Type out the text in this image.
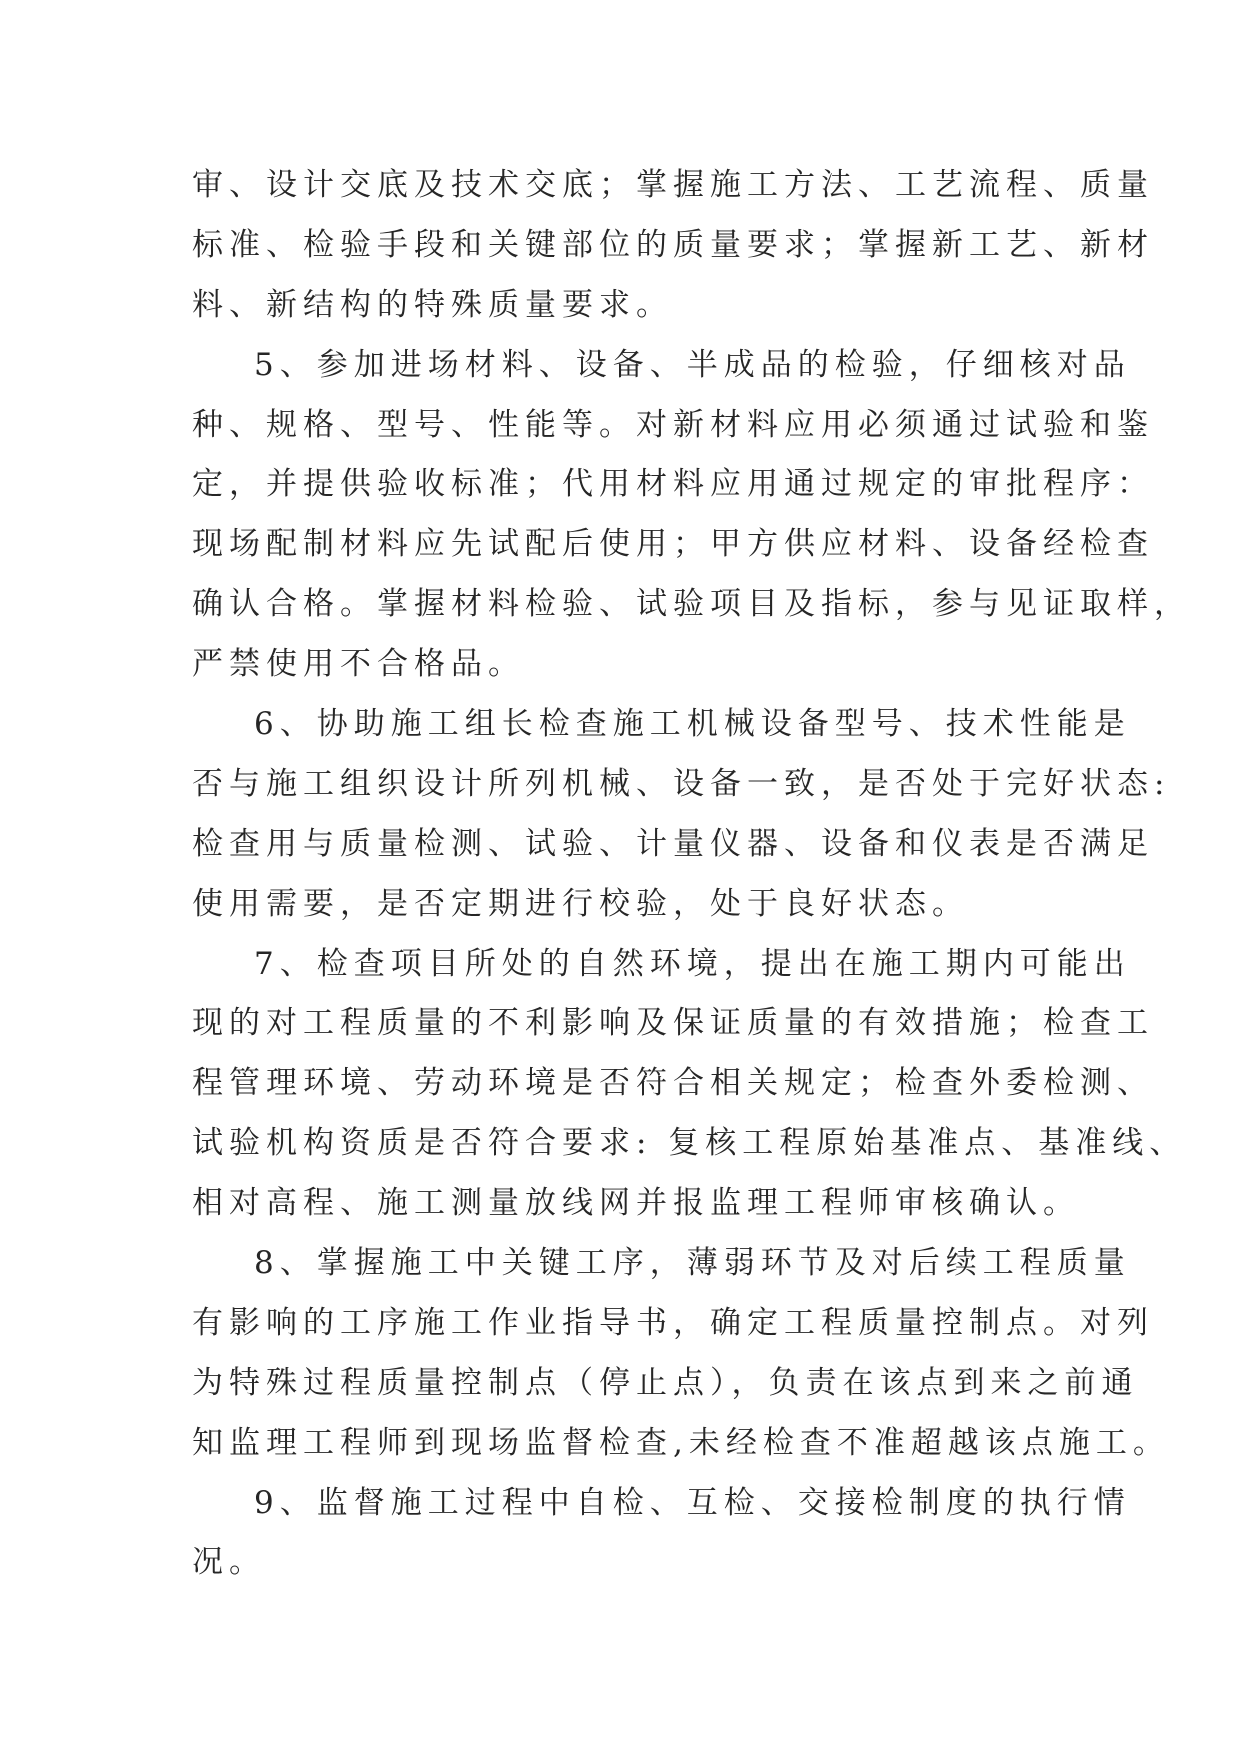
审、设计交底及技术交底；掌握施工方法、工艺流程、质量
标准、检验手段和关键部位的质量要求；掌握新工艺、新材
料、新结构的特殊质量要求。
5、参加进场材料、设备、半成品的检验，仔细核对品
种、规格、型号、性能等。对新材料应用必须通过试验和鉴
定，并提供验收标准；代用材料应用通过规定的审批程序：
现场配制材料应先试配后使用；甲方供应材料、设备经检查
确认合格。掌握材料检验、试验项目及指标，参与见证取样，
严禁使用不合格品。
6、协助施工组长检查施工机械设备型号、技术性能是
否与施工组织设计所列机械、设备一致，是否处于完好状态:
检查用与质量检测、试验、计量仪器、设备和仪表是否满足
使用需要，是否定期进行校验，处于良好状态。
7、检查项目所处的自然环境，提出在施工期内可能出
现的对工程质量的不利影响及保证质量的有效措施；检查工
程管理环境、劳动环境是否符合相关规定；检查外委检测、
试验机构资质是否符合要求: 复核工程原始基准点、基准线、
相对高程、施工测量放线网并报监理工程师审核确认。
8、掌握施工中关键工序，薄弱环节及对后续工程质量
有影响的工序施工作业指导书，确定工程质量控制点。对列
为特殊过程质量控制点（停止点），负责在该点到来之前通
知监理工程师到现场监督检查,未经检查不准超越该点施工。
9、监督施工过程中自检、互检、交接检制度的执行情
况。
